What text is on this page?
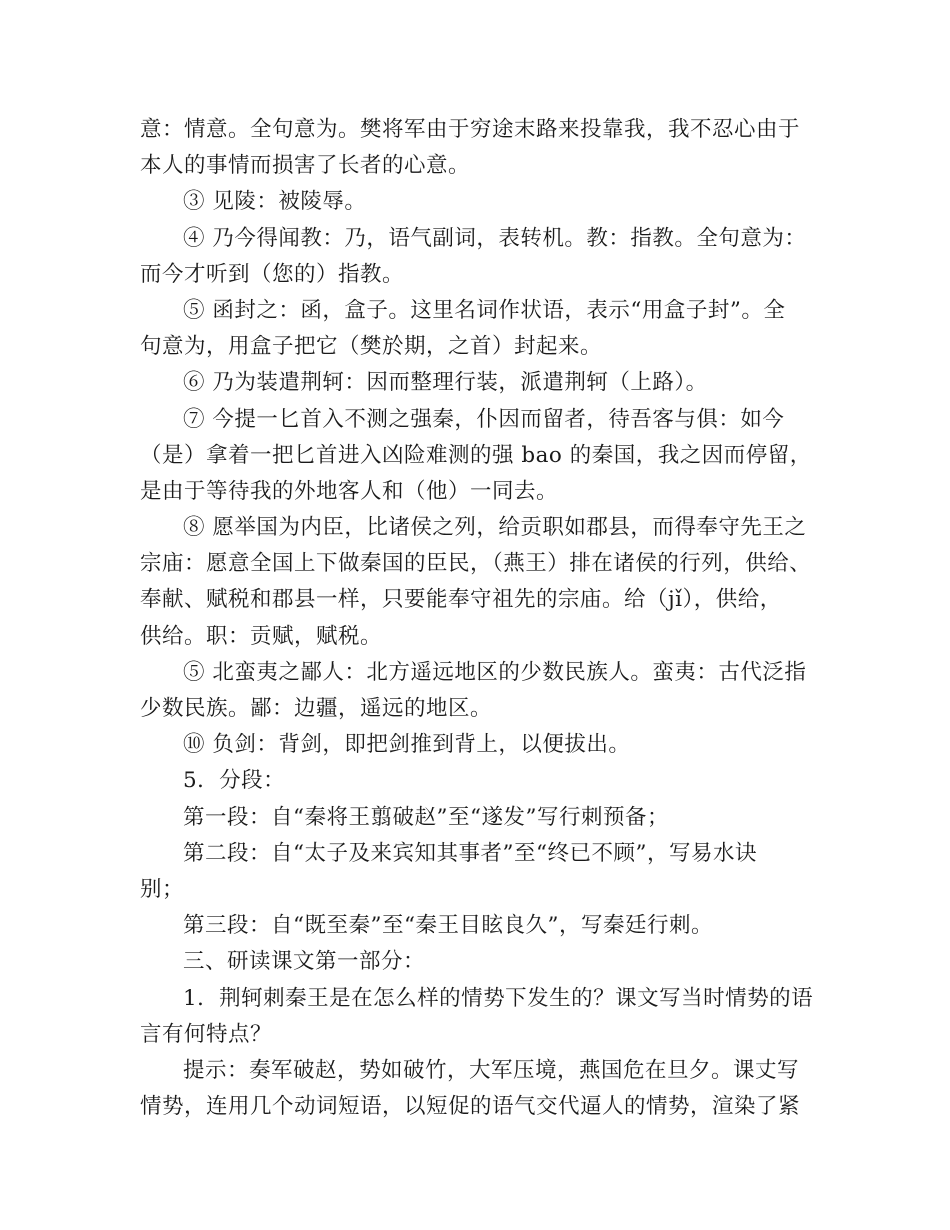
意：情意。全句意为。樊将军由于穷途末路来投靠我，我不忍心由于
本人的事情而损害了长者的心意。
③ 见陵：被陵辱。
④ 乃今得闻教：乃，语气副词，表转机。教：指教。全句意为：
而今才听到（您的）指教。
⑤ 函封之：函，盒子。这里名词作状语，表示“用盒子封”。全
句意为，用盒子把它（樊於期，之首）封起来。
⑥ 乃为装遣荆轲：因而整理行装，派遣荆轲（上路）。
⑦ 今提一匕首入不测之强秦，仆因而留者，待吾客与俱：如今
（是）拿着一把匕首进入凶险难测的强 bao 的秦国，我之因而停留，
是由于等待我的外地客人和（他）一同去。
⑧ 愿举国为内臣，比诸侯之列，给贡职如郡县，而得奉守先王之
宗庙：愿意全国上下做秦国的臣民，（燕王）排在诸侯的行列，供给、
奉献、赋税和郡县一样，只要能奉守祖先的宗庙。给（jǐ），供给，
供给。职：贡赋，赋税。
⑤ 北蛮夷之鄙人：北方遥远地区的少数民族人。蛮夷：古代泛指
少数民族。鄙：边疆，遥远的地区。
⑩ 负剑：背剑，即把剑推到背上，以便拔出。
5．分段：
第一段：自“秦将王翦破赵”至“遂发”写行刺预备；
第二段：自“太子及来宾知其事者”至“终已不顾”，写易水诀
别；
第三段：自“既至秦”至“秦王目眩良久”，写秦廷行刺。
三、研读课文第一部分：
1．荆轲刺秦王是在怎么样的情势下发生的？课文写当时情势的语
言有何特点？
提示：奏军破赵，势如破竹，大军压境，燕国危在旦夕。课丈写
情势，连用几个动词短语，以短促的语气交代逼人的情势，渲染了紧
